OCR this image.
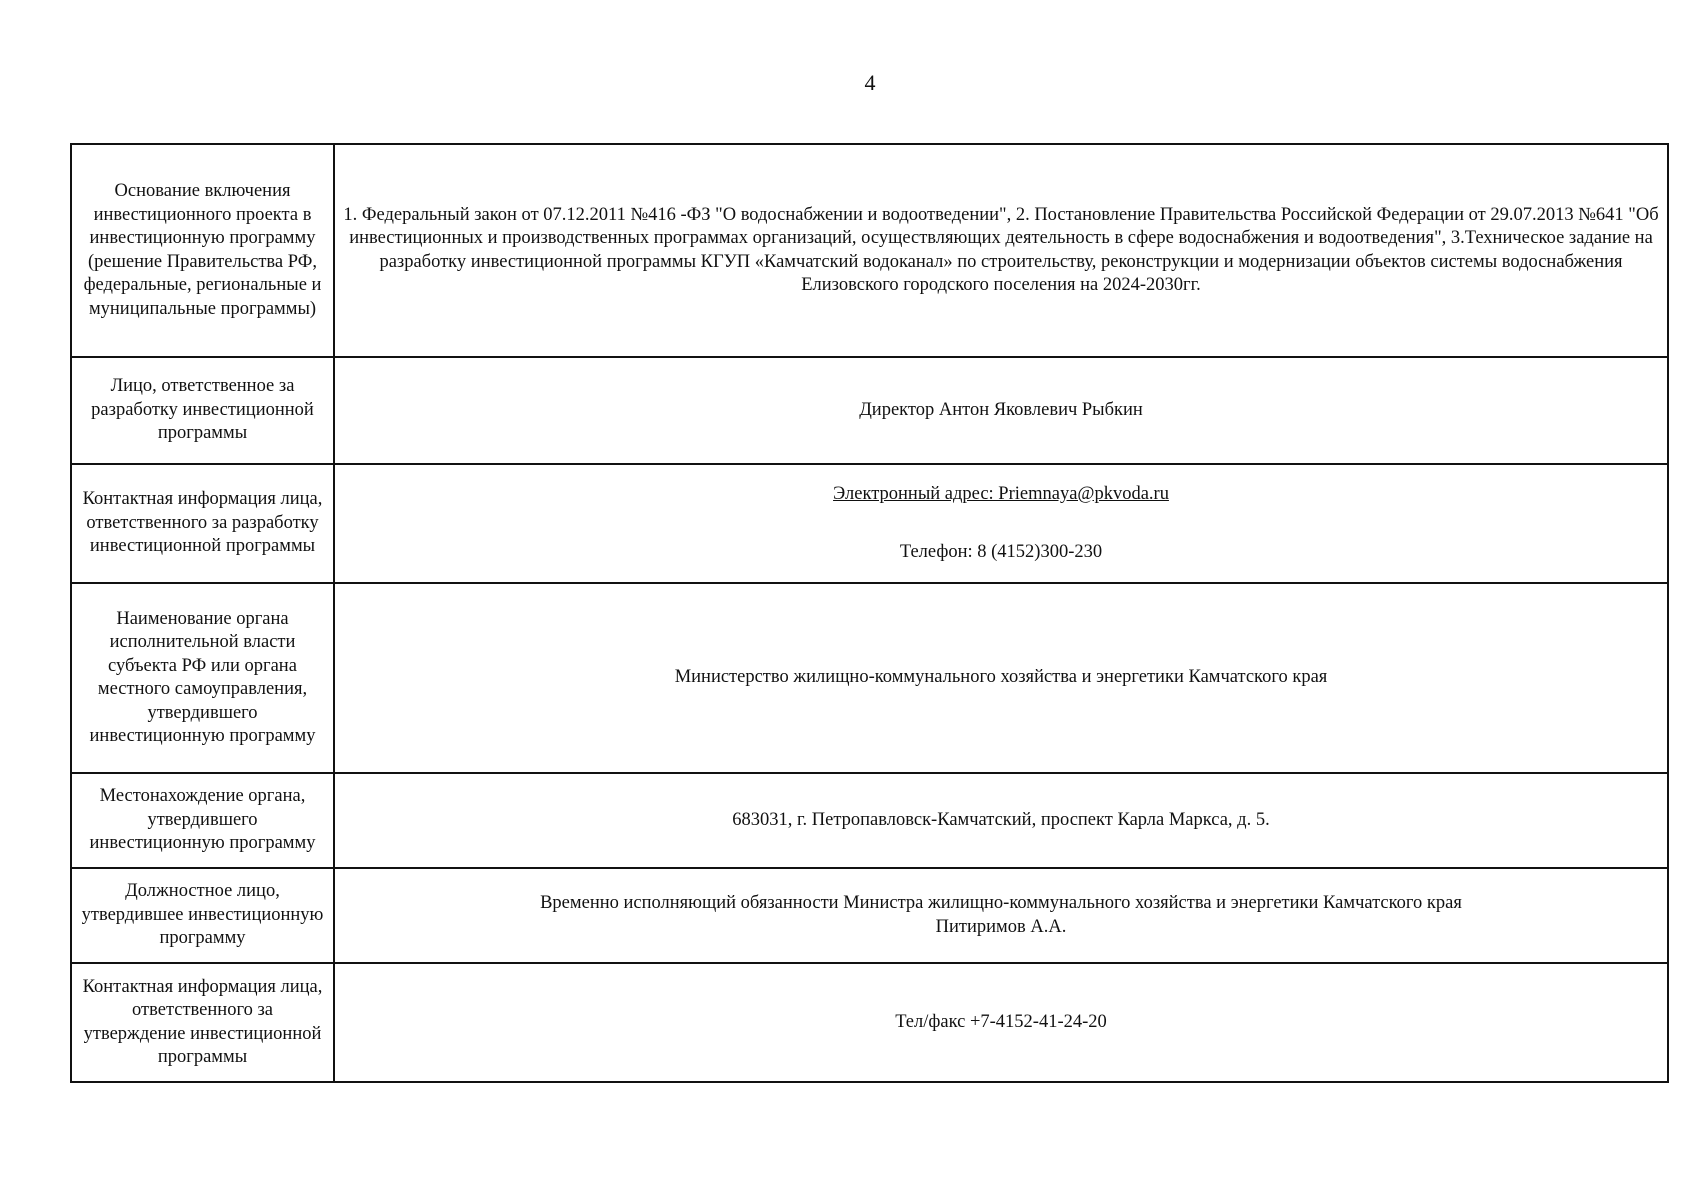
4
Основание включения инвестиционного проекта в инвестиционную программу (решение Правительства РФ, федеральные, региональные и муниципальные программы)	1. Федеральный закон от 07.12.2011 №416 -ФЗ "О водоснабжении и водоотведении", 2. Постановление Правительства Российской Федерации от 29.07.2013 №641 "Об инвестиционных и производственных программах организаций, осуществляющих деятельность в сфере водоснабжения и водоотведения", 3.Техническое задание на разработку инвестиционной программы КГУП «Камчатский водоканал» по строительству, реконструкции и модернизации объектов системы водоснабжения Елизовского городского поселения на 2024-2030гг.
Лицо, ответственное за разработку инвестиционной программы	Директор Антон Яковлевич Рыбкин
Контактная информация лица, ответственного за разработку инвестиционной программы	Электронный адрес: Priemnaya@pkvoda.ru
Телефон: 8 (4152)300-230

Наименование органа исполнительной власти субъекта РФ или органа местного самоуправления, утвердившего инвестиционную программу	Министерство жилищно-коммунального хозяйства и энергетики Камчатского края
Местонахождение органа, утвердившего инвестиционную программу	683031, г. Петропавловск-Камчатский, проспект Карла Маркса, д. 5.
Должностное лицо, утвердившее инвестиционную программу	Временно исполняющий обязанности Министра жилищно-коммунального хозяйства и энергетики Камчатского края
Питиримов А.А.

Контактная информация лица, ответственного за утверждение инвестиционной программы	Тел/факс +7-4152-41-24-20
